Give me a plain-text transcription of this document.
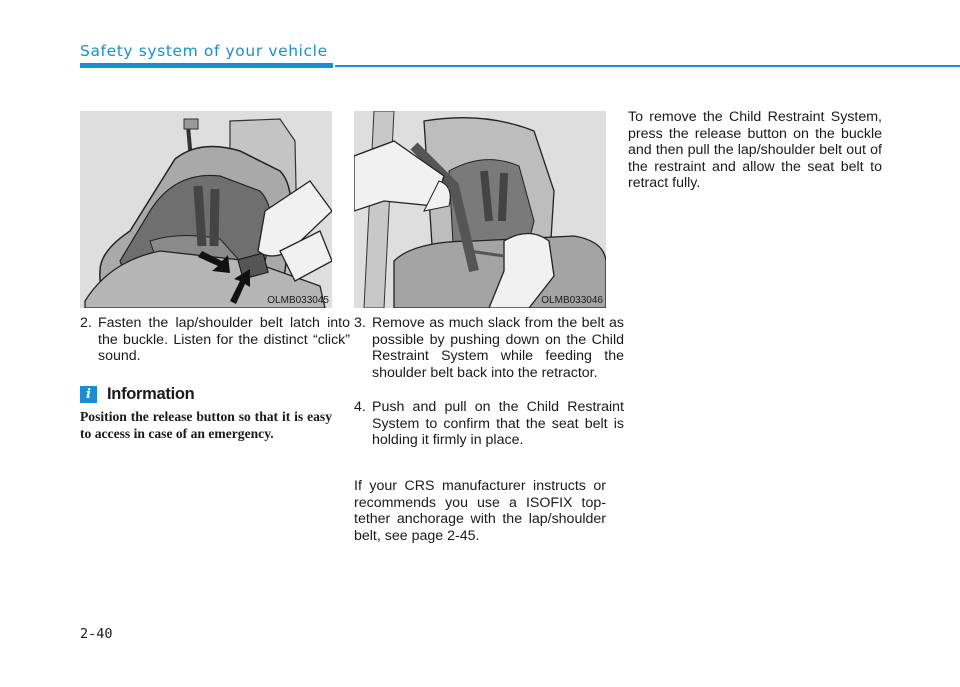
Safety system of your vehicle
OLMB033045	OLMB033046
2. Fasten the lap/shoulder belt latch into the buckle. Listen for the distinct “click” sound.
i Information
Position the release button so that it is easy to access in case of an emergency.
3. Remove as much slack from the belt as possible by pushing down on the Child Restraint System while feeding the shoulder belt back into the retractor.
4. Push and pull on the Child Restraint System to confirm that the seat belt is holding it firmly in place.
If your CRS manufacturer instructs or recommends you use a ISOFIX top-tether anchorage with the lap/shoulder belt, see page 2-45.
To remove the Child Restraint System, press the release button on the buckle and then pull the lap/shoulder belt out of the restraint and allow the seat belt to retract fully.
2-40
